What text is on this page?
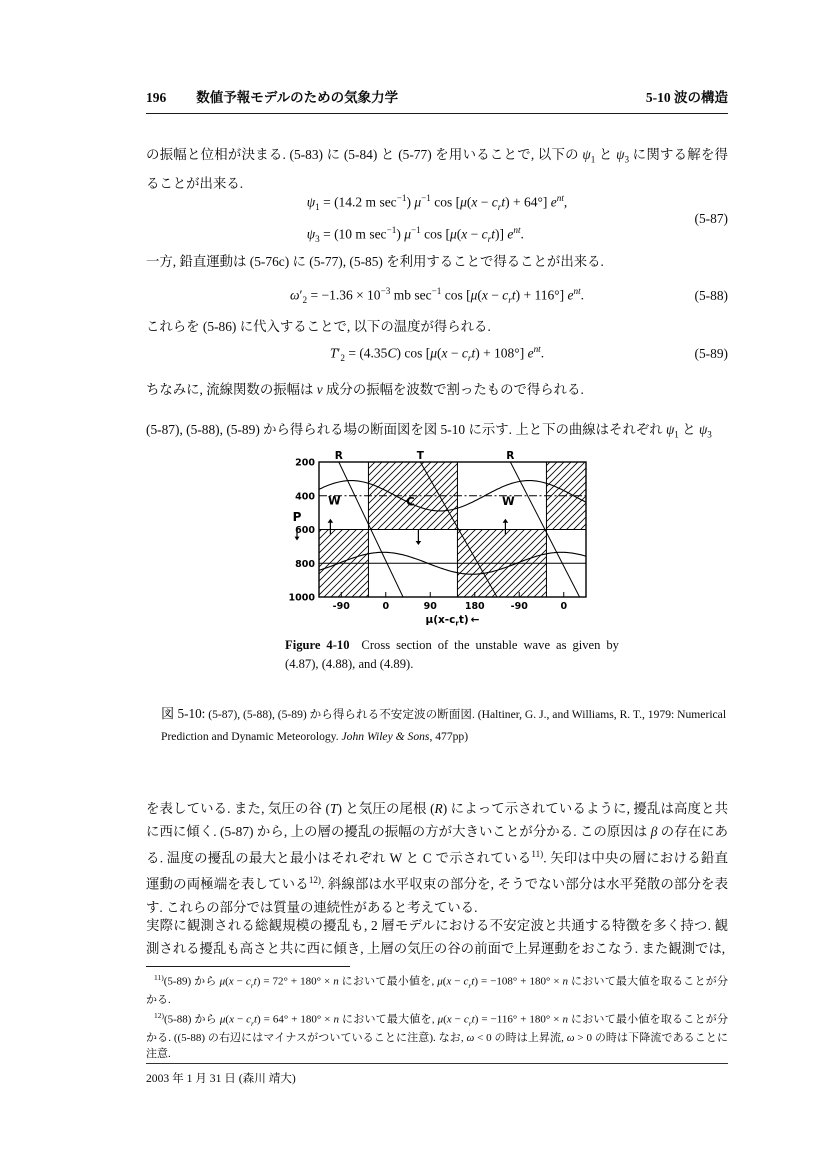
196 数値予報モデルのための気象力学	5-10 波の構造
の振幅と位相が決まる. (5-83) に (5-84) と (5-77) を用いることで, 以下の $\psi_1$ と $\psi_3$ に関する解を得ることが出来る.
$\psi_1 = (14.2$ m $\sec^{-1}$) $\mu^{-1}$ $\cos [\mu(x - c_rt) + 64^\circ]$ $e^{nt}$,
$\psi_3 = (10$ m $\sec^{-1}$) $\mu^{-1}$ $\cos [\mu(x - c_rt)]$ $e^{nt}$.
(5-87)
一方, 鉛直運動は (5-76c) に (5-77), (5-85) を利用することで得ることが出来る.
$\omega'_2 = -1.36 \times 10^{-3}$ mb $\sec^{-1} \cos [\mu(x - c_rt) + 116^\circ]$ $e^{nt}$.	(5-88)
これらを (5-86) に代入することで, 以下の温度が得られる.
$T'_2 = (4.35C)$ $\cos [\mu(x - c_rt) + 108^\circ]$ $e^{nt}$.	(5-89)
ちなみに, 流線関数の振幅は v 成分の振幅を波数で割ったもので得られる.
(5-87), (5-88), (5-89) から得られる場の断面図を図 5-10 に示す. 上と下の曲線はそれぞれ $\psi_1$ と $\psi_3$
R	T	R
W	C	W
200
400
600
800
1000
-90	0	90	180	-90	0
$\mu(x-c_rt)$ ←
P
Figure 4-10  Cross section of the unstable wave as given by (4.87), (4.88), and (4.89).
図 5-10: (5-87), (5-88), (5-89) から得られる不安定波の断面図. (Haltiner, G. J., and Williams, R. T., 1979: Numerical Prediction and Dynamic Meteorology. John Wiley & Sons, 477pp)
を表している. また, 気圧の谷 (T) と気圧の尾根 (R) によって示されているように, 擾乱は高度と共に西に傾く. (5-87) から, 上の層の擾乱の振幅の方が大きいことが分かる. この原因は β の存在にある. 温度の擾乱の最大と最小はそれぞれ W と C で示されている$^{11)}$. 矢印は中央の層における鉛直運動の両極端を表している$^{12)}$. 斜線部は水平収束の部分を, そうでない部分は水平発散の部分を表す. これらの部分では質量の連続性があると考えている.
実際に観測される総観規模の擾乱も, 2 層モデルにおける不安定波と共通する特徴を多く持つ. 観測される擾乱も高さと共に西に傾き, 上層の気圧の谷の前面で上昇運動をおこなう. また観測では,
$^{11)}$(5-89) から $\mu(x - c_rt) = 72^\circ + 180^\circ \times n$ において最小値を, $\mu(x - c_rt) = -108^\circ + 180^\circ \times n$ において最大値を取ることが分かる.
$^{12)}$(5-88) から $\mu(x - c_rt) = 64^\circ + 180^\circ \times n$ において最大値を, $\mu(x - c_rt) = -116^\circ + 180^\circ \times n$ において最小値を取ることが分かる. ((5-88) の右辺にはマイナスがついていることに注意). なお, ω < 0 の時は上昇流, ω > 0 の時は下降流であることに注意.
2003 年 1 月 31 日 (森川 靖大)
